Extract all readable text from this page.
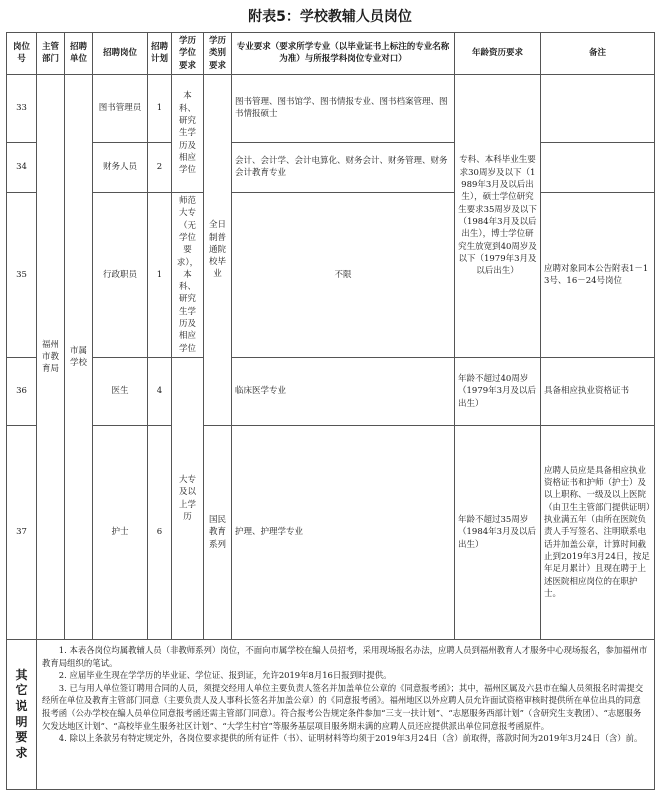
附表5：学校教辅人员岗位
岗位号	主管部门	招聘单位	招聘岗位	招聘计划	学历学位要求	学历类别要求	专业要求（要求所学专业（以毕业证书上标注的专业名称为准）与所报学科岗位专业对口）	年龄资历要求	备注
33	福州市教育局	市属学校	图书管理员	1	本科、研究生学历及相应学位	全日制普通院校毕业	图书管理、图书馆学、图书情报专业、图书档案管理、图书情报硕士	专科、本科毕业生要求30周岁及以下（1989年3月及以后出生），硕士学位研究生要求35周岁及以下（1984年3月及以后出生），博士学位研究生放宽到40周岁及以下（1979年3月及以后出生）	
34			财务人员	2			会计、会计学、会计电算化、财务会计、财务管理、财务会计教育专业		
35			行政职员	1	师范大专（无学位要求），本科、研究生学历及相应学位		不限		应聘对象同本公告附表1－13号、16－24号岗位
36			医生	4	大专及以上学历		临床医学专业	年龄不超过40周岁（1979年3月及以后出生）	具备相应执业资格证书
37			护士	6		国民教育系列	护理、护理学专业	年龄不超过35周岁（1984年3月及以后出生）	应聘人员应是具备相应执业资格证书和护师（护士）及以上职称、一级及以上医院（由卫生主管部门提供证明）执业满五年（由所在医院负责人手写签名、注明联系电话并加盖公章，计算时间截止到2019年3月24日，按足年足月累计）且现在聘于上述医院相应岗位的在职护士。
其它说明要求	1. 本表各岗位均属教辅人员（非教师系列）岗位，不面向市属学校在编人员招考，采用现场报名办法，应聘人员到福州教育人才服务中心现场报名，参加福州市教育局组织的笔试。
2. 应届毕业生现在学学历的毕业证、学位证、报到证，允许2019年8月16日报到时提供。
3. 已与用人单位签订聘用合同的人员，须提交经用人单位主要负责人签名并加盖单位公章的《同意报考函》；其中，福州区属及六县市在编人员须报名时需提交经所在单位及教育主管部门同意（主要负责人及人事科长签名并加盖公章）的《同意报考函》。福州地区以外应聘人员允许面试资格审核时提供所在单位出具的同意报考函（公办学校在编人员单位同意报考函还需主管部门同意）。符合报考公告规定条件参加“三支一扶计划”、“志愿服务西部计划”（含研究生支教团）、“志愿服务欠发达地区计划”、“高校毕业生服务社区计划”、“大学生村官”等服务基层项目服务期未满的应聘人员还应提供派出单位同意报考函原件。
4. 除以上条款另有特定规定外，各岗位要求提供的所有证件（书）、证明材料等均须于2019年3月24日（含）前取得，落款时间为2019年3月24日（含）前。								
